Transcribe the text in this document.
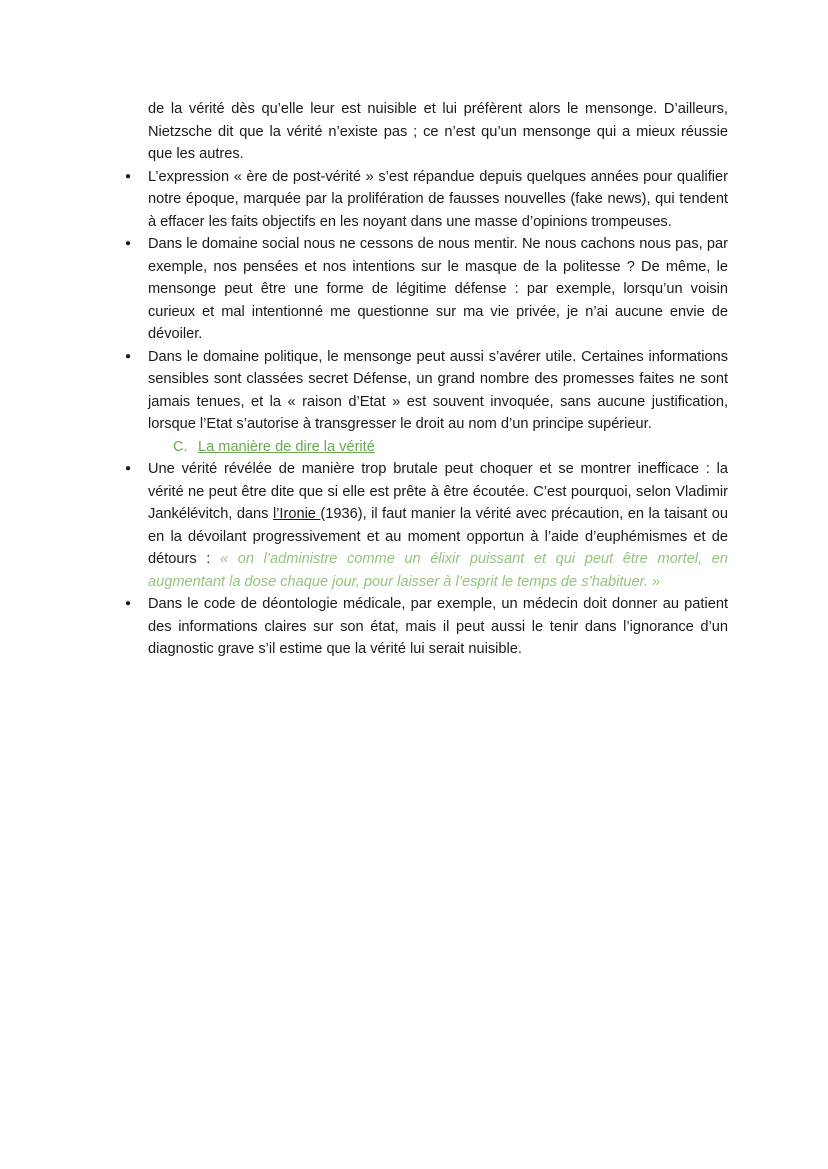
de la vérité dès qu’elle leur est nuisible et lui préfèrent alors le mensonge. D’ailleurs, Nietzsche dit que la vérité n’existe pas ; ce n’est qu’un mensonge qui a mieux réussie que les autres.

● L’expression « ère de post-vérité » s’est répandue depuis quelques années pour qualifier notre époque, marquée par la prolifération de fausses nouvelles (fake news), qui tendent à effacer les faits objectifs en les noyant dans une masse d’opinions trompeuses.
● Dans le domaine social nous ne cessons de nous mentir. Ne nous cachons nous pas, par exemple, nos pensées et nos intentions sur le masque de la politesse ? De même, le mensonge peut être une forme de légitime défense : par exemple, lorsqu’un voisin curieux et mal intentionné me questionne sur ma vie privée, je n’ai aucune envie de dévoiler.
● Dans le domaine politique, le mensonge peut aussi s’avérer utile. Certaines informations sensibles sont classées secret Défense, un grand nombre des promesses faites ne sont jamais tenues, et la « raison d’Etat » est souvent invoquée, sans aucune justification, lorsque l’Etat s’autorise à transgresser le droit au nom d’un principe supérieur.

C. La manière de dire la vérité

● Une vérité révélée de manière trop brutale peut choquer et se montrer inefficace : la vérité ne peut être dite que si elle est prête à être écoutée. C’est pourquoi, selon Vladimir Jankélévitch, dans l’Ironie (1936), il faut manier la vérité avec précaution, en la taisant ou en la dévoilant progressivement et au moment opportun à l’aide d’euphémismes et de détours : « on l’administre comme un élixir puissant et qui peut être mortel, en augmentant la dose chaque jour, pour laisser à l’esprit le temps de s’habituer. »
● Dans le code de déontologie médicale, par exemple, un médecin doit donner au patient des informations claires sur son état, mais il peut aussi le tenir dans l’ignorance d’un diagnostic grave s’il estime que la vérité lui serait nuisible.
